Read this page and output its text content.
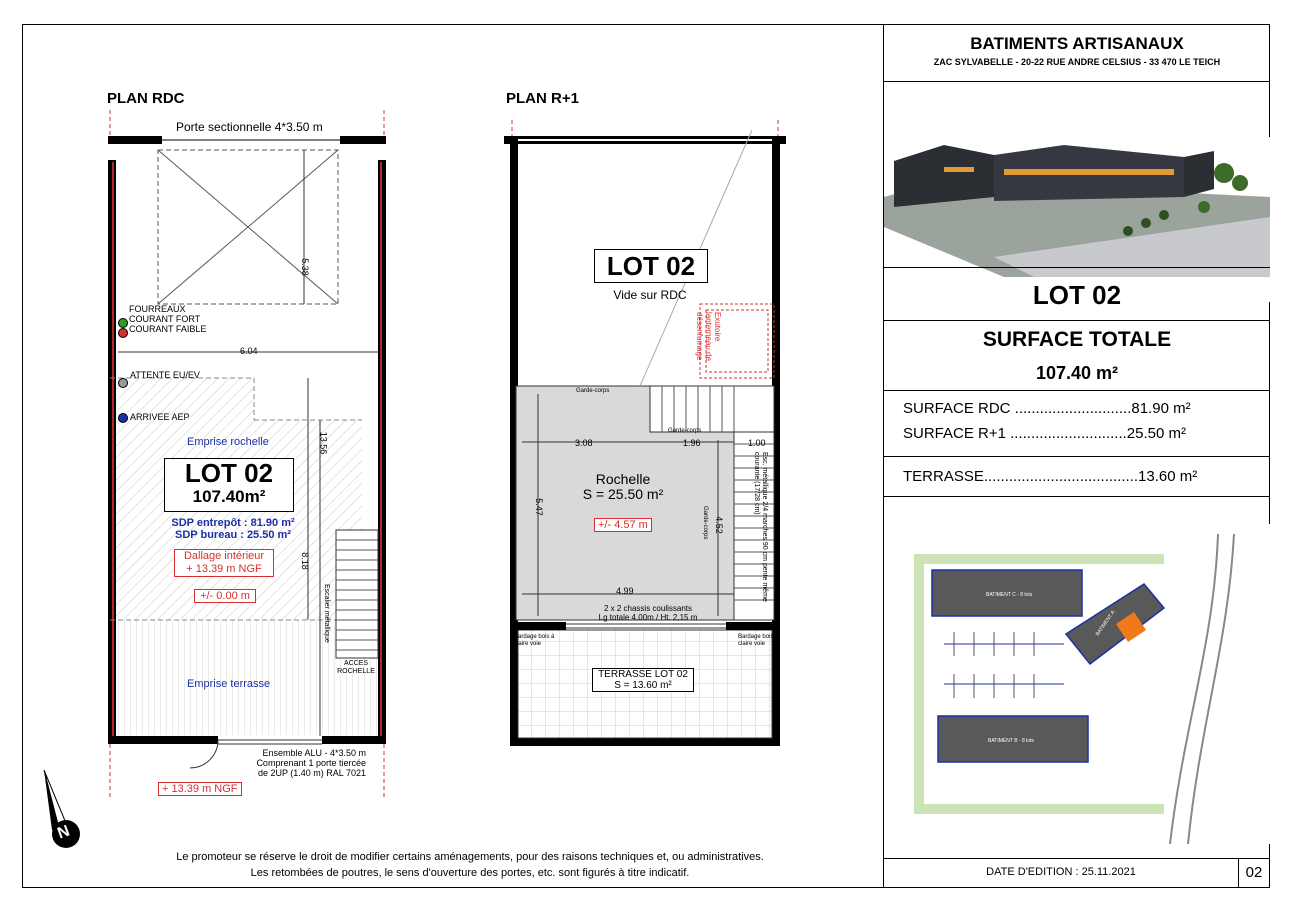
PLAN RDC
Porte sectionnelle 4*3.50 m
6.04
5.38
13.56
8.18
FOURREAUX
COURANT FORT
COURANT FAIBLE
ATTENTE EU/EV
ARRIVEE AEP
Emprise rochelle
LOT 02
107.40m²
SDP entrepôt : 81.90 m²
SDP bureau : 25.50 m²
Dallage intérieur
+ 13.39 m NGF
+/- 0.00 m	Escalier métallique
ACCES
ROCHELLE
Emprise terrasse
Ensemble ALU - 4*3.50 m
Comprenant 1 porte tiercée
de 2UP (1.40 m) RAL 7021
+ 13.39 m NGF
PLAN R+1
LOT 02
Vide sur RDC
Exutoire lanterneau de désenfumage
Garde-corps
Garde-corps
Garde-corps
3.08	1.96	1.00
5.47
4.52
4.99
Rochelle
S = 25.50 m²
+/- 4.57 m	Esc. métallique 2/4 marches 90 cm pente même courante (17/28 cm)
2 x 2 chassis coulissants
Lg totale 4.00m / Ht. 2,15 m
Bardage bois à claire voie
Bardage bois à claire voie
TERRASSE LOT 02
S = 13.60 m²
N
Le promoteur se réserve le droit de modifier certains aménagements, pour des raisons techniques et, ou administratives.
Les retombées de poutres, le sens d'ouverture des portes, etc. sont figurés à titre indicatif.
BATIMENTS ARTISANAUX
ZAC SYLVABELLE - 20-22 RUE ANDRE CELSIUS - 33 470 LE TEICH
LOT 02
SURFACE TOTALE
107.40 m²
SURFACE RDC ............................81.90 m²
SURFACE R+1 ............................25.50 m²
TERRASSE.....................................13.60 m²
BATIMENT C - 8 lots
BATIMENT B - 8 lots
BATIMENT A
DATE D'EDITION : 25.11.2021	02
